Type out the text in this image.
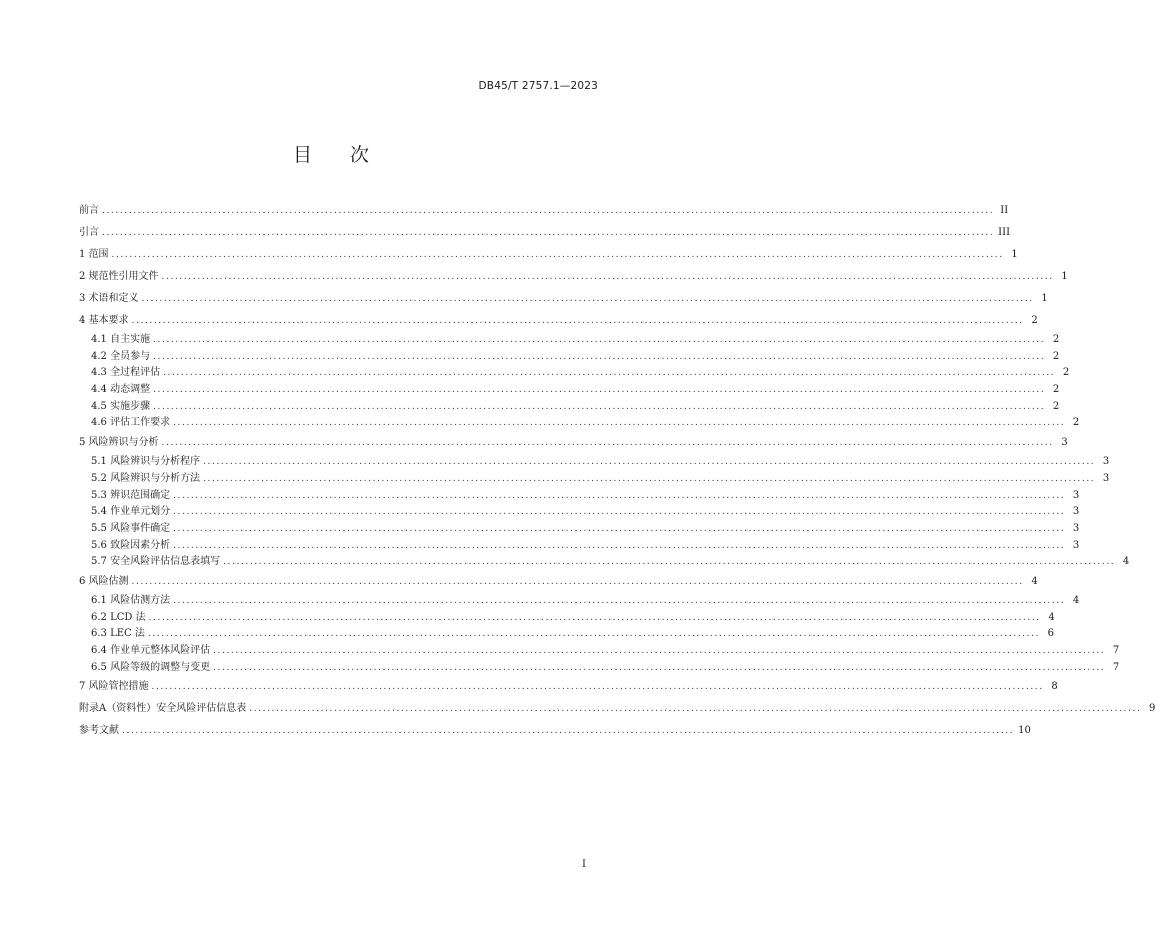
DB45/T 2757.1—2023
目次
前言 ........................................................................................................................................................................................................ II
引言 ........................................................................................................................................................................................................ III
1 范围 ........................................................................................................................................................................................................ 1
2 规范性引用文件 ........................................................................................................................................................................................................ 1
3 术语和定义 ........................................................................................................................................................................................................ 1
4 基本要求 ........................................................................................................................................................................................................ 2
4.1 自主实施 ........................................................................................................................................................................................................ 2
4.2 全员参与 ........................................................................................................................................................................................................ 2
4.3 全过程评估 ........................................................................................................................................................................................................ 2
4.4 动态调整 ........................................................................................................................................................................................................ 2
4.5 实施步骤 ........................................................................................................................................................................................................ 2
4.6 评估工作要求 ........................................................................................................................................................................................................ 2
5 风险辨识与分析 ........................................................................................................................................................................................................ 3
5.1 风险辨识与分析程序 ........................................................................................................................................................................................................ 3
5.2 风险辨识与分析方法 ........................................................................................................................................................................................................ 3
5.3 辨识范围确定 ........................................................................................................................................................................................................ 3
5.4 作业单元划分 ........................................................................................................................................................................................................ 3
5.5 风险事件确定 ........................................................................................................................................................................................................ 3
5.6 致险因素分析 ........................................................................................................................................................................................................ 3
5.7 安全风险评估信息表填写 ........................................................................................................................................................................................................ 4
6 风险估测 ........................................................................................................................................................................................................ 4
6.1 风险估测方法 ........................................................................................................................................................................................................ 4
6.2 LCD 法 ........................................................................................................................................................................................................ 4
6.3 LEC 法 ........................................................................................................................................................................................................ 6
6.4 作业单元整体风险评估 ........................................................................................................................................................................................................ 7
6.5 风险等级的调整与变更 ........................................................................................................................................................................................................ 7
7 风险管控措施 ........................................................................................................................................................................................................ 8
附录A（资料性）安全风险评估信息表 ........................................................................................................................................................................................................ 9
参考文献 ........................................................................................................................................................................................................ 10
I
